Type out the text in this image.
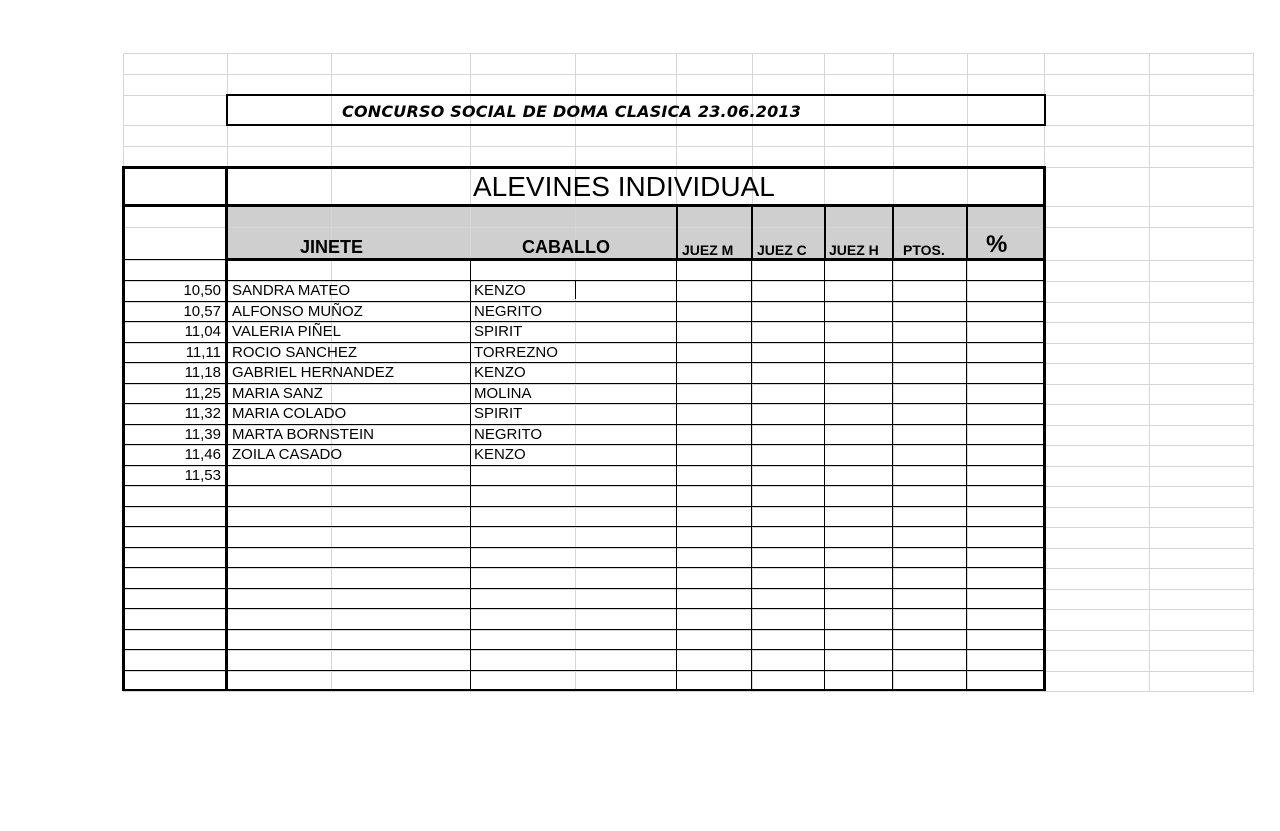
CONCURSO SOCIAL DE DOMA CLASICA 23.06.2013
ALEVINES INDIVIDUAL
JINETE	CABALLO	JUEZ M JUEZ C JUEZ H PTOS. %
10,50 SANDRA MATEO	KENZO
10,57 ALFONSO MUÑOZ	NEGRITO
11,04 VALERIA PIÑEL	SPIRIT
11,11 ROCIO SANCHEZ	TORREZNO
11,18 GABRIEL HERNANDEZ	KENZO
11,25 MARIA SANZ	MOLINA
11,32 MARIA COLADO	SPIRIT
11,39 MARTA BORNSTEIN	NEGRITO
11,46 ZOILA CASADO	KENZO
11,53
